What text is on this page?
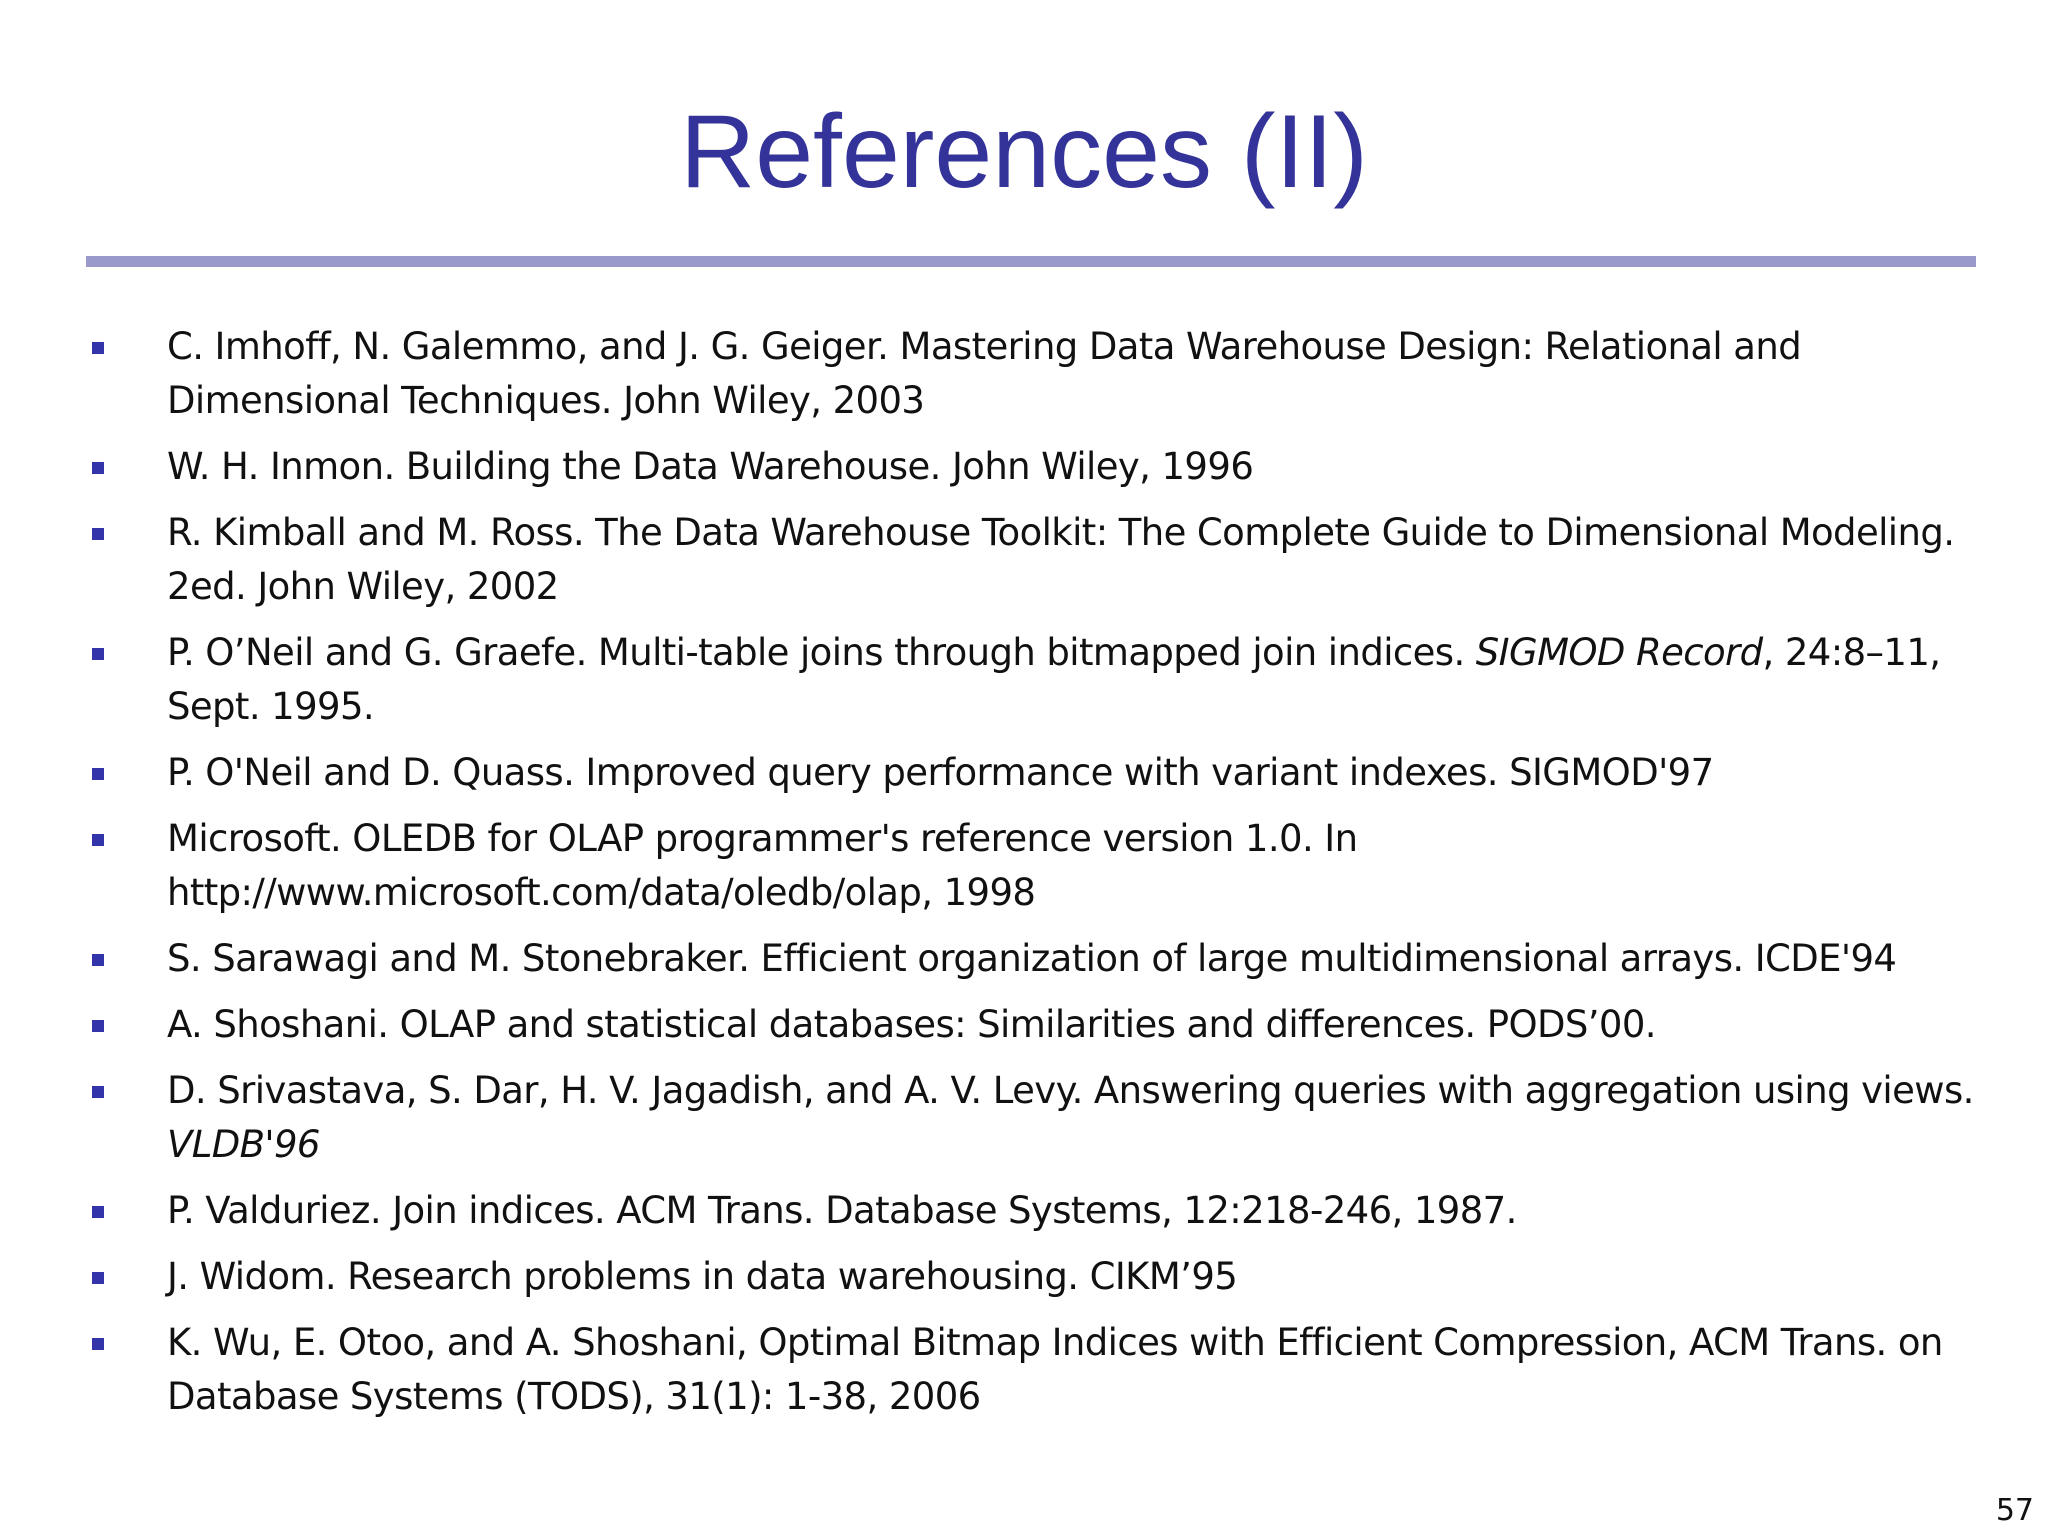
References (II)
C. Imhoff, N. Galemmo, and J. G. Geiger. Mastering Data Warehouse Design: Relational and Dimensional Techniques. John Wiley, 2003
W. H. Inmon. Building the Data Warehouse. John Wiley, 1996
R. Kimball and M. Ross. The Data Warehouse Toolkit: The Complete Guide to Dimensional Modeling. 2ed. John Wiley, 2002
P. O’Neil and G. Graefe. Multi-table joins through bitmapped join indices. SIGMOD Record, 24:8–11, Sept. 1995.
P. O'Neil and D. Quass. Improved query performance with variant indexes. SIGMOD'97
Microsoft. OLEDB for OLAP programmer's reference version 1.0. In http://www.microsoft.com/data/oledb/olap, 1998
S. Sarawagi and M. Stonebraker. Efficient organization of large multidimensional arrays. ICDE'94
A. Shoshani. OLAP and statistical databases: Similarities and differences. PODS’00.
D. Srivastava, S. Dar, H. V. Jagadish, and A. V. Levy. Answering queries with aggregation using views. VLDB'96
P. Valduriez. Join indices. ACM Trans. Database Systems, 12:218-246, 1987.
J. Widom. Research problems in data warehousing. CIKM’95
K. Wu, E. Otoo, and A. Shoshani, Optimal Bitmap Indices with Efficient Compression, ACM Trans. on Database Systems (TODS), 31(1): 1-38, 2006
57
